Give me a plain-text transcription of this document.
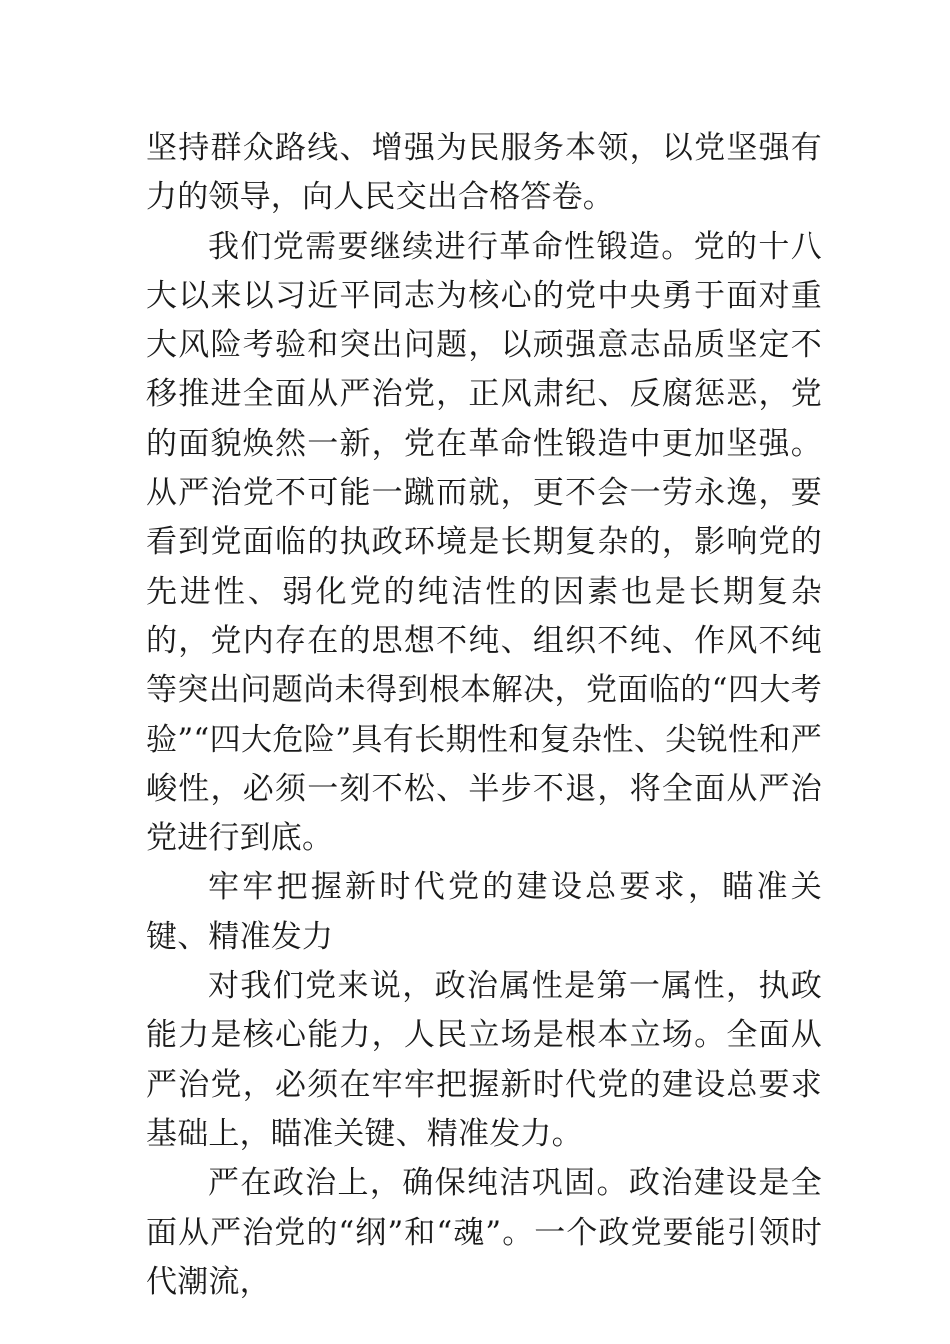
坚持群众路线、增强为民服务本领，以党坚强有力的领导，向人民交出合格答卷。

我们党需要继续进行革命性锻造。党的十八大以来以习近平同志为核心的党中央勇于面对重大风险考验和突出问题，以顽强意志品质坚定不移推进全面从严治党，正风肃纪、反腐惩恶，党的面貌焕然一新，党在革命性锻造中更加坚强。从严治党不可能一蹴而就，更不会一劳永逸，要看到党面临的执政环境是长期复杂的，影响党的先进性、弱化党的纯洁性的因素也是长期复杂的，党内存在的思想不纯、组织不纯、作风不纯等突出问题尚未得到根本解决，党面临的“四大考验”“四大危险”具有长期性和复杂性、尖锐性和严峻性，必须一刻不松、半步不退，将全面从严治党进行到底。

牢牢把握新时代党的建设总要求，瞄准关键、精准发力

对我们党来说，政治属性是第一属性，执政能力是核心能力，人民立场是根本立场。全面从严治党，必须在牢牢把握新时代党的建设总要求基础上，瞄准关键、精准发力。

严在政治上，确保纯洁巩固。政治建设是全面从严治党的“纲”和“魂”。一个政党要能引领时代潮流，
